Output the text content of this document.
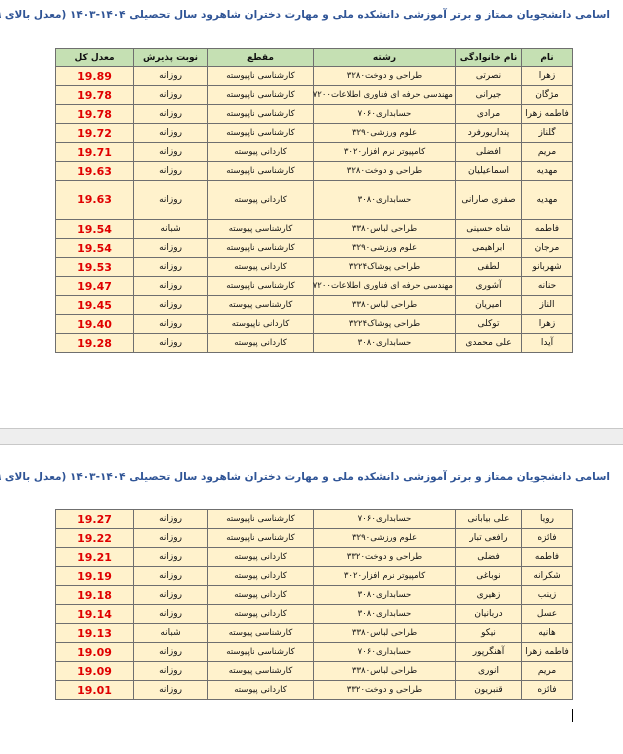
اسامی دانشجویان ممتاز و برتر آموزشی دانشکده ملی و مهارت دختران شاهرود سال تحصیلی ۱۴۰۴-۱۴۰۳ (معدل بالای
نام	نام خانوادگی	رشته	مقطع	نوبت پذیرش	معدل کل
زهرا	نصرتی	طراحی و دوخت۳۲۸۰	کارشناسی ناپیوسته	روزانه	19.89
مژگان	جیرانی	مهندسی حرفه ای فناوری اطلاعات۷۲۰۰	کارشناسی ناپیوسته	روزانه	19.78
فاطمه زهرا	مرادی	حسابداری۷۰۶۰	کارشناسی ناپیوسته	روزانه	19.78
گلناز	پنداریورفرد	علوم ورزشی۳۲۹۰	کارشناسی ناپیوسته	روزانه	19.72
مریم	افضلی	کامپیوتر نرم افزار۳۰۲۰	کاردانی پیوسته	روزانه	19.71
مهدیه	اسماعیلیان	طراحی و دوخت۳۲۸۰	کارشناسی ناپیوسته	روزانه	19.63
مهدیه	صفری صارانی	حسابداری۳۰۸۰	کاردانی پیوسته	روزانه	19.63
فاطمه	شاه حسینی	طراحی لباس۳۳۸۰	کارشناسی پیوسته	شبانه	19.54
مرجان	ابراهیمی	علوم ورزشی۳۲۹۰	کارشناسی ناپیوسته	روزانه	19.54
شهربانو	لطفی	طراحی پوشاک۳۲۲۴	کاردانی پیوسته	روزانه	19.53
حنانه	آشوری	مهندسی حرفه ای فناوری اطلاعات۷۲۰۰	کارشناسی ناپیوسته	روزانه	19.47
الناز	امیریان	طراحی لباس۳۳۸۰	کارشناسی پیوسته	روزانه	19.45
زهرا	توکلی	طراحی پوشاک۳۲۲۴	کاردانی ناپیوسته	روزانه	19.40
آیدا	علی محمدی	حسابداری۳۰۸۰	کاردانی پیوسته	روزانه	19.28
اسامی دانشجویان ممتاز و برتر آموزشی دانشکده ملی و مهارت دختران شاهرود سال تحصیلی ۱۴۰۴-۱۴۰۳ (معدل بالای
رویا	علی بیابانی	حسابداری۷۰۶۰	کارشناسی ناپیوسته	روزانه	19.27
فائزه	رافعی تبار	علوم ورزشی۳۲۹۰	کارشناسی ناپیوسته	روزانه	19.22
فاطمه	فضلی	طراحی و دوخت۳۳۲۰	کاردانی پیوسته	روزانه	19.21
شکرانه	نوباغی	کامپیوتر نرم افزار۳۰۲۰	کاردانی پیوسته	روزانه	19.19
زینب	زهیری	حسابداری۳۰۸۰	کاردانی پیوسته	روزانه	19.18
عسل	دربانیان	حسابداری۳۰۸۰	کاردانی پیوسته	روزانه	19.14
هانیه	نیکو	طراحی لباس۳۳۸۰	کارشناسی پیوسته	شبانه	19.13
فاطمه زهرا	آهنگرپور	حسابداری۷۰۶۰	کارشناسی ناپیوسته	روزانه	19.09
مریم	انوری	طراحی لباس۳۳۸۰	کارشناسی پیوسته	روزانه	19.09
فائزه	قنبریون	طراحی و دوخت۳۳۲۰	کاردانی پیوسته	روزانه	19.01
